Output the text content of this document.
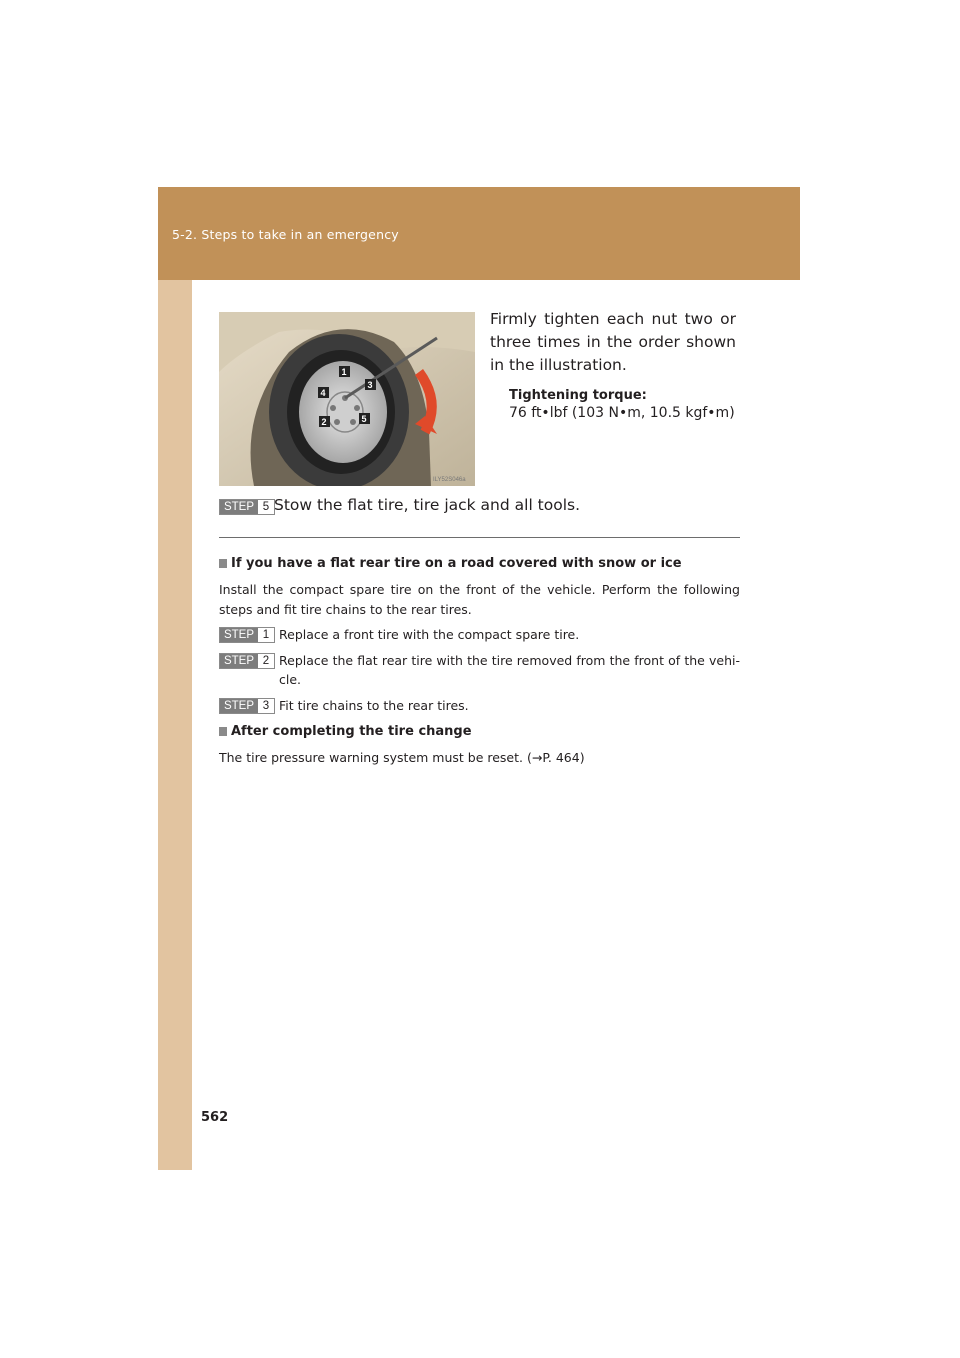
5-2. Steps to take in an emergency
1
2
3
4
5
ILY52S046a
Firmly tighten each nut two or three times in the order shown in the illustration.
Tightening torque:
76 ft•lbf (103 N•m, 10.5 kgf•m)
STEP 5 Stow the flat tire, tire jack and all tools.
If you have a flat rear tire on a road covered with snow or ice
Install the compact spare tire on the front of the vehicle. Perform the following steps and fit tire chains to the rear tires.
STEP 1 Replace a front tire with the compact spare tire.
STEP 2 Replace the flat rear tire with the tire removed from the front of the vehi-cle.
STEP 3 Fit tire chains to the rear tires.
After completing the tire change
The tire pressure warning system must be reset. (→P. 464)
562
